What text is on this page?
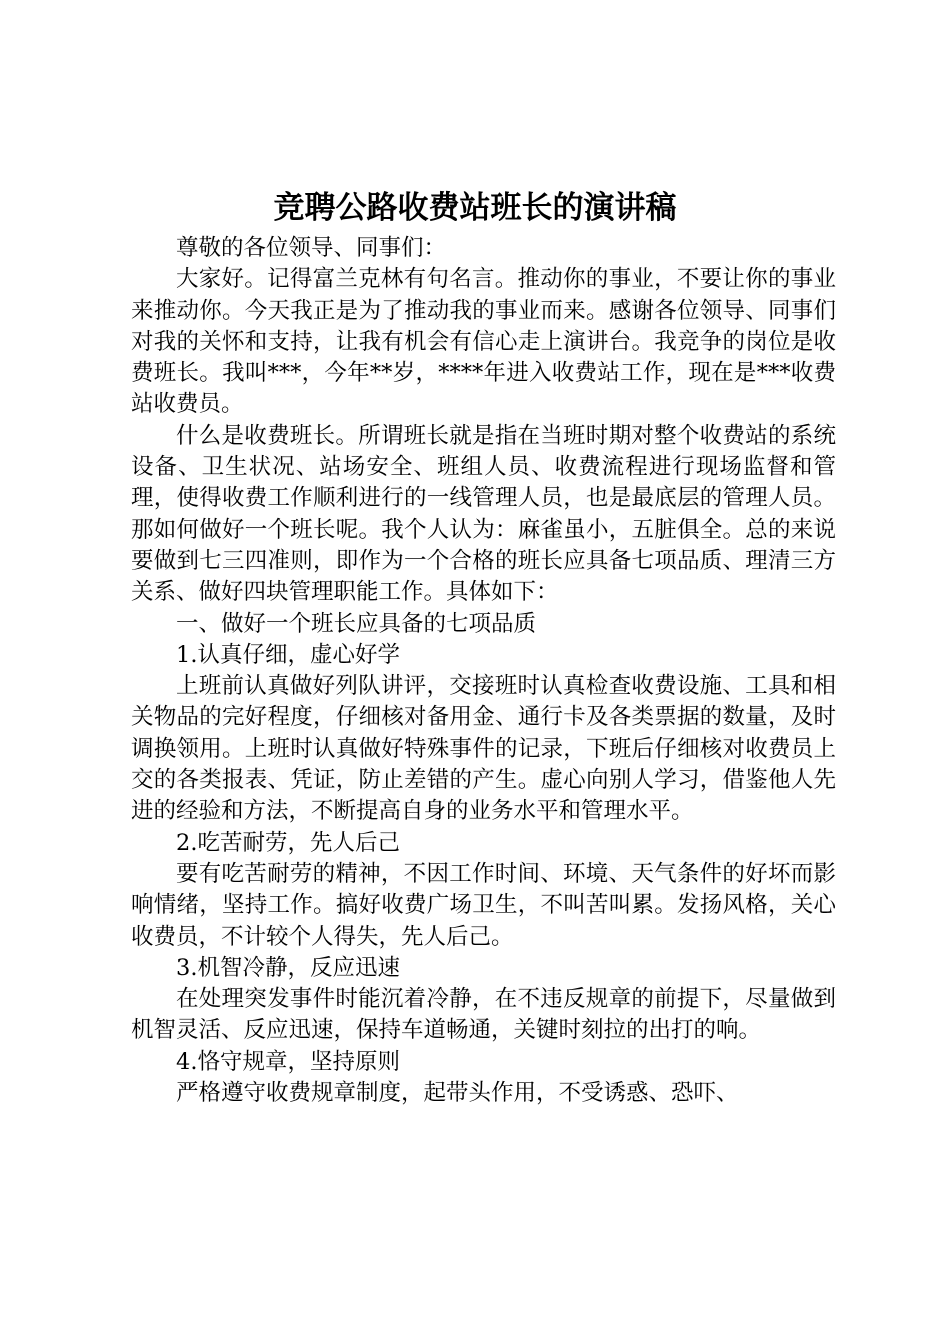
竞聘公路收费站班长的演讲稿

尊敬的各位领导、同事们：

大家好。记得富兰克林有句名言。推动你的事业，不要让你的事业来推动你。今天我正是为了推动我的事业而来。感谢各位领导、同事们对我的关怀和支持，让我有机会有信心走上演讲台。我竞争的岗位是收费班长。我叫***，今年**岁，****年进入收费站工作，现在是***收费站收费员。

什么是收费班长。所谓班长就是指在当班时期对整个收费站的系统设备、卫生状况、站场安全、班组人员、收费流程进行现场监督和管理，使得收费工作顺利进行的一线管理人员，也是最底层的管理人员。那如何做好一个班长呢。我个人认为：麻雀虽小，五脏俱全。总的来说要做到七三四准则，即作为一个合格的班长应具备七项品质、理清三方关系、做好四块管理职能工作。具体如下：

一、做好一个班长应具备的七项品质

1.认真仔细，虚心好学

上班前认真做好列队讲评，交接班时认真检查收费设施、工具和相关物品的完好程度，仔细核对备用金、通行卡及各类票据的数量，及时调换领用。上班时认真做好特殊事件的记录，下班后仔细核对收费员上交的各类报表、凭证，防止差错的产生。虚心向别人学习，借鉴他人先进的经验和方法，不断提高自身的业务水平和管理水平。

2.吃苦耐劳，先人后己

要有吃苦耐劳的精神，不因工作时间、环境、天气条件的好坏而影响情绪，坚持工作。搞好收费广场卫生，不叫苦叫累。发扬风格，关心收费员，不计较个人得失，先人后己。

3.机智冷静，反应迅速

在处理突发事件时能沉着冷静，在不违反规章的前提下，尽量做到机智灵活、反应迅速，保持车道畅通，关键时刻拉的出打的响。

4.恪守规章，坚持原则

严格遵守收费规章制度，起带头作用，不受诱惑、恐吓、
